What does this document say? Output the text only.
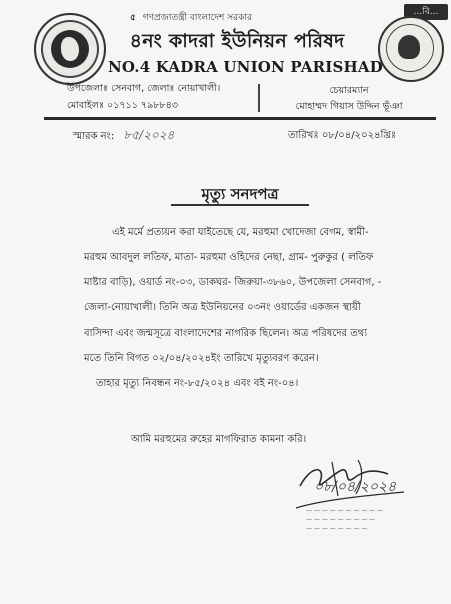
...বি...
৫ গণপ্রজাতন্ত্রী বাংলাদেশ সরকার
৪নং কাদরা ইউনিয়ন পরিষদ
NO.4 KADRA UNION PARISHAD
উপজেলাঃ সেনবাগ, জেলাঃ নোয়াখালী।
মোবাইলঃ ০১৭১১ ৭৯৮৮৪৩
চেয়ারম্যান
মোহাম্মদ গিয়াস উদ্দিন ভূঁঞা
স্মারক নং: ৮৫/২০২৪	তারিখঃ ০৮/০৪/২০২৪খ্রিঃ
মৃত্যু সনদপত্র
এই মর্মে প্রত্যয়ন করা যাইতেছে যে, মরহুমা খোদেজা বেগম, স্বামী-
মরহুম আবদুল লতিফ, মাতা- মরহুমা ওহিদের নেছা, গ্রাম- পুরুকুর ( লতিফ
মাষ্টার বাড়ি), ওয়ার্ড নং-০৩, ডাকঘর- জিরুয়া-৩৮৬০, উপজেলা সেনবাগ, -
জেলা-নোয়াখালী। তিনি অত্র ইউনিয়নের ০৩নং ওয়ার্ডের একজন স্থায়ী
বাসিন্দা এবং জন্মসূত্রে বাংলাদেশের নাগরিক ছিলেন। অত্র পরিষদের তথ্য
মতে তিনি বিগত ০২/০৪/২০২৪ইং তারিখে মৃত্যুবরণ করেন।
তাহার মৃত্যু নিবন্ধন নং-৮৫/২০২৪ এবং বই নং-০৪।
আমি মরহুমের রুহের মাগফিরাত কামনা করি।
০৮/০৪/২০২৪
— — — — — — — — — —
— — — — — — — — —
— — — — — — — —
